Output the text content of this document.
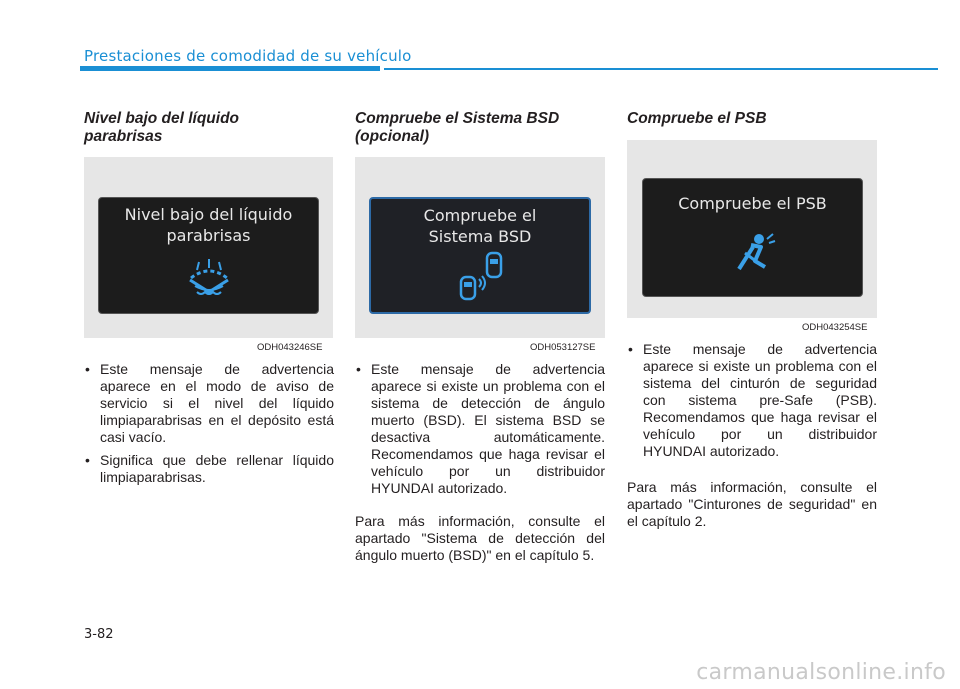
Prestaciones de comodidad de su vehículo

Nivel bajo del líquido
parabrisas

Nivel bajo del líquido
parabrisas
ODH043246SE
• Este mensaje de advertencia aparece en el modo de aviso de servicio si el nivel del líquido limpiaparabrisas en el depósito está casi vacío.
• Significa que debe rellenar líquido limpiaparabrisas.

Compruebe el Sistema BSD
(opcional)

Compruebe el
Sistema BSD
ODH053127SE
• Este mensaje de advertencia aparece si existe un problema con el sistema de detección de ángulo muerto (BSD). El sistema BSD se desactiva automáticamente. Recomendamos que haga revisar el vehículo por un distribuidor HYUNDAI autorizado.

Para más información, consulte el apartado "Sistema de detección del ángulo muerto (BSD)" en el capítulo 5.

Compruebe el PSB

Compruebe el PSB
ODH043254SE
• Este mensaje de advertencia aparece si existe un problema con el sistema del cinturón de seguridad con sistema pre-Safe (PSB). Recomendamos que haga revisar el vehículo por un distribuidor HYUNDAI autorizado.

Para más información, consulte el apartado "Cinturones de seguridad" en el capítulo 2.

3-82
carmanualsonline.info
